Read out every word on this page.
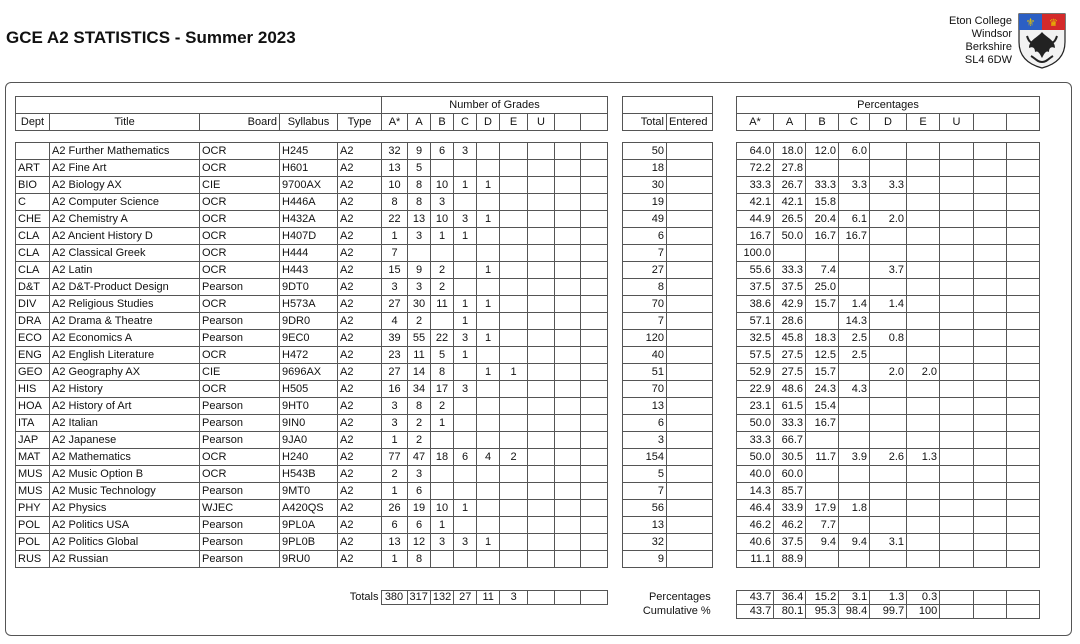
GCE A2 STATISTICS - Summer 2023
Eton College
Windsor
Berkshire
SL4 6DW
⚜ ♛
					Number of Grades													Percentages								
Dept	Title	Board	Syllabus	Type	A*	A	B	C	D	E	U				Total	Entered		A*	A	B	C	D	E	U		

	A2 Further Mathematics	OCR	H245	A2	32	9	6	3							50			64.0	18.0	12.0	6.0					
ART	A2 Fine Art	OCR	H601	A2	13	5									18			72.2	27.8							
BIO	A2 Biology AX	CIE	9700AX	A2	10	8	10	1	1						30			33.3	26.7	33.3	3.3	3.3				
C	A2 Computer Science	OCR	H446A	A2	8	8	3								19			42.1	42.1	15.8						
CHE	A2 Chemistry A	OCR	H432A	A2	22	13	10	3	1						49			44.9	26.5	20.4	6.1	2.0				
CLA	A2 Ancient History D	OCR	H407D	A2	1	3	1	1							6			16.7	50.0	16.7	16.7					
CLA	A2 Classical Greek	OCR	H444	A2	7										7			100.0								
CLA	A2 Latin	OCR	H443	A2	15	9	2		1						27			55.6	33.3	7.4		3.7				
D&T	A2 D&T-Product Design	Pearson	9DT0	A2	3	3	2								8			37.5	37.5	25.0						
DIV	A2 Religious Studies	OCR	H573A	A2	27	30	11	1	1						70			38.6	42.9	15.7	1.4	1.4				
DRA	A2 Drama & Theatre	Pearson	9DR0	A2	4	2		1							7			57.1	28.6		14.3					
ECO	A2 Economics A	Pearson	9EC0	A2	39	55	22	3	1						120			32.5	45.8	18.3	2.5	0.8				
ENG	A2 English Literature	OCR	H472	A2	23	11	5	1							40			57.5	27.5	12.5	2.5					
GEO	A2 Geography AX	CIE	9696AX	A2	27	14	8		1	1					51			52.9	27.5	15.7		2.0	2.0			
HIS	A2 History	OCR	H505	A2	16	34	17	3							70			22.9	48.6	24.3	4.3					
HOA	A2 History of Art	Pearson	9HT0	A2	3	8	2								13			23.1	61.5	15.4						
ITA	A2 Italian	Pearson	9IN0	A2	3	2	1								6			50.0	33.3	16.7						
JAP	A2 Japanese	Pearson	9JA0	A2	1	2									3			33.3	66.7							
MAT	A2 Mathematics	OCR	H240	A2	77	47	18	6	4	2					154			50.0	30.5	11.7	3.9	2.6	1.3			
MUS	A2 Music Option B	OCR	H543B	A2	2	3									5			40.0	60.0							
MUS	A2 Music Technology	Pearson	9MT0	A2	1	6									7			14.3	85.7							
PHY	A2 Physics	WJEC	A420QS	A2	26	19	10	1							56			46.4	33.9	17.9	1.8					
POL	A2 Politics USA	Pearson	9PL0A	A2	6	6	1								13			46.2	46.2	7.7						
POL	A2 Politics Global	Pearson	9PL0B	A2	13	12	3	3	1						32			40.6	37.5	9.4	9.4	3.1				
RUS	A2 Russian	Pearson	9RU0	A2	1	8									9			11.1	88.9							
Totals	380	317	132	27	11	3					Percentages		43.7	36.4	15.2	3.1	1.3	0.3			
											Cumulative %		43.7	80.1	95.3	98.4	99.7	100			
